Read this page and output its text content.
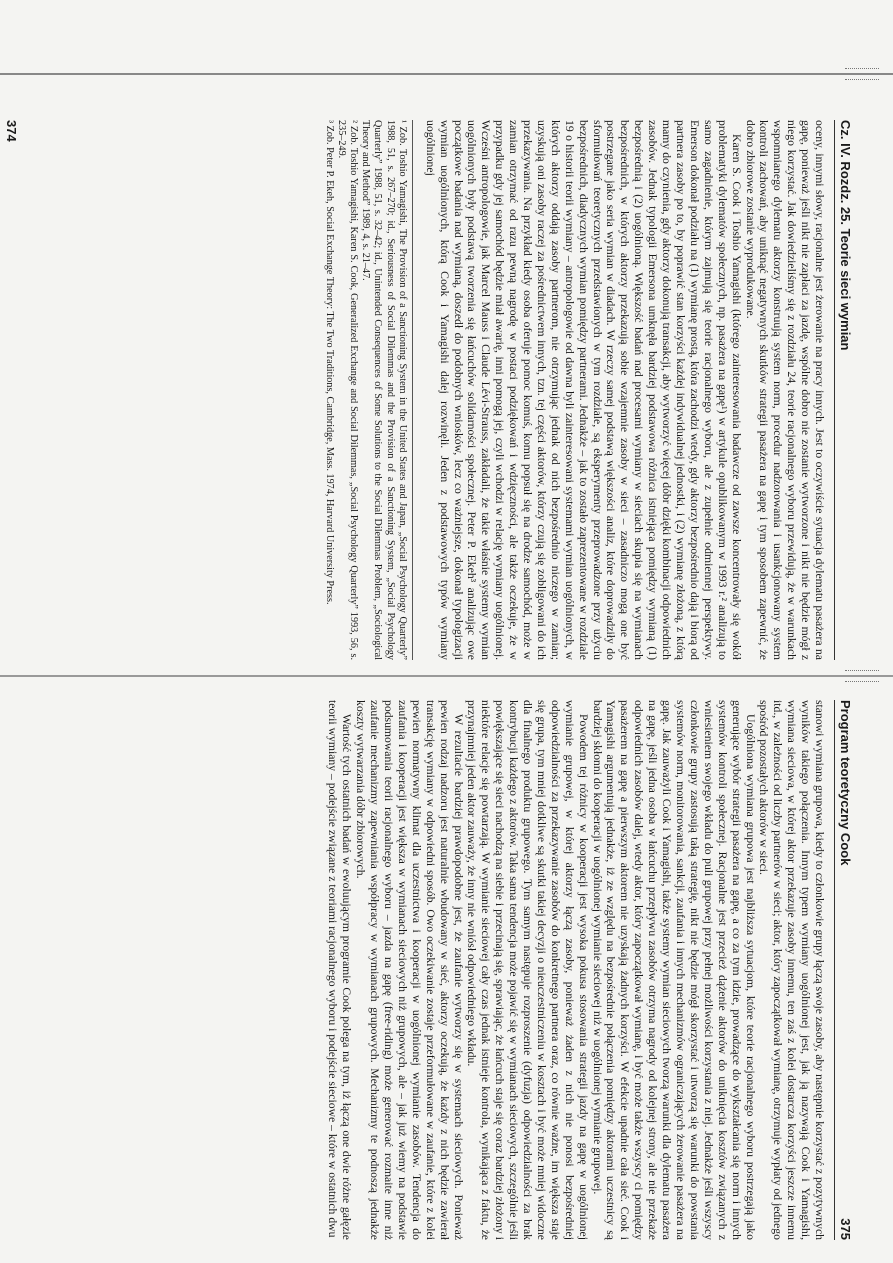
Cz. IV. Rozdz. 25. Teorie sieci wymian

oceny, innymi słowy, racjonalne jest żerowanie na pracy innych. Jest to oczywiście sytuacja dylematu pasażera na gapę, ponieważ jeśli nikt nie zapłaci za jazdę, wspólne dobro nie zostanie wytworzone i nikt nie będzie mógł z niego korzystać. Jak dowiedzieliśmy się z rozdziału 24, teorie racjonalnego wyboru przewidują, że w warunkach wspomnianego dylematu aktorzy konstruują system norm, procedur nadzorowania i usankcjonowany system kontroli zachowań, aby uniknąć negatywnych skutków strategii pasażera na gapę i tym sposobem zapewnić, że dobro zbiorowe zostanie wyprodukowane.

Karen S. Cook i Toshio Yamagishi (którego zainteresowania badawcze od zawsze koncentrowały się wokół problematyki dylematów społecznych, np. pasażera na gapę¹) w artykule opublikowanym w 1993 r.² analizują to samo zagadnienie, którym zajmują się teorie racjonalnego wyboru, ale z zupełnie odmiennej perspektywy. Emerson dokonał podziału na (1) wymianę prostą, która zachodzi wtedy, gdy aktorzy bezpośrednio dają i biorą od partnera zasoby po to, by poprawić stan korzyści każdej indywidualnej jednostki, i (2) wymianę złożoną, z którą mamy do czynienia, gdy aktorzy dokonują transakcji, aby wytworzyć więcej dóbr dzięki kombinacji odpowiednich zasobów. Jednak typologii Emersona umknęła bardziej podstawowa różnica istniejąca pomiędzy wymianą (1) bezpośrednią i (2) uogólnioną. Większość badań nad procesami wymiany w sieciach skupia się na wymianach bezpośrednich, w których aktorzy przekazują sobie wzajemnie zasoby w sieci – zasadniczo mogą one być postrzegane jako seria wymian w diadach. W rzeczy samej podstawą większości analiz, które doprowadziły do sformułowań teoretycznych przedstawionych w tym rozdziale, są eksperymenty przeprowadzone przy użyciu bezpośrednich, diadycznych wymian pomiędzy partnerami. Jednakże – jak to zostało zaprezentowane w rozdziale 19 o historii teorii wymiany – antropologowie od dawna byli zainteresowani systemami wymian uogólnionych, w których aktorzy oddają zasoby partnerom, nie otrzymując jednak od nich bezpośrednio niczego w zamian; uzyskują oni zasoby raczej za pośrednictwem innych, tzn. tej części aktorów, którzy czują się zobligowani do ich przekazywania. Na przykład kiedy osoba oferuje pomoc komuś, komu popsuł się na drodze samochód, może w zamian otrzymać od razu pewną nagrodę w postaci podziękowań i wdzięczności, ale także oczekuje, że w przypadku gdy jej samochód będzie miał awarię, inni pomogą jej, czyli wchodzi w relację wymiany uogólnionej. Wcześni antropologowie, jak Marcel Mauss i Claude Lévi-Strauss, zakładali, że takie właśnie systemy wymian uogólnionych były podstawą tworzenia się łańcuchów solidarności społecznej. Peter P. Ekeh³ analizując owe początkowe badania nad wymianą, doszedł do podobnych wniosków, lecz co ważniejsze, dokonał typologizacji wymian uogólnionych, którą Cook i Yamagishi dalej rozwinęli. Jeden z podstawowych typów wymiany uogólnionej

¹ Zob. Toshio Yamagishi, The Provision of a Sanctioning System in the United States and Japan, „Social Psychology Quarterly” 1988, 51, s. 267–270; id., Seriousness of Social Dilemmas and the Provision of a Sanctioning System, „Social Psychology Quarterly” 1988, 51, s. 32–42; id., Unintended Consequences of Some Solutions to the Social Dilemmas Problem, „Sociological Theory and Method” 1989, 4, s. 21–47.

² Zob. Toshio Yamagishi, Karen S. Cook, Generalized Exchange and Social Dilemmas, „Social Psychology Quarterly” 1993, 56, s. 235–249.

³ Zob. Peter P. Ekeh, Social Exchange Theory: The Two Traditions, Cambridge, Mass. 1974, Harvard University Press.

374
Program teoretyczny Cook
375

stanowi wymiana grupowa, kiedy to członkowie grupy łączą swoje zasoby, aby następnie korzystać z pozytywnych wyników takiego połączenia. Innym typem wymiany uogólnionej jest, jak ją nazywają Cook i Yamagishi, wymiana sieciowa, w której aktor przekazuje zasoby innemu, ten zaś z kolei dostarcza korzyści jeszcze innemu itd., w zależności od liczby partnerów w sieci; aktor, który zapoczątkował wymianę, otrzymuje wypłaty od jednego spośród pozostałych aktorów w sieci.

Uogólniona wymiana grupowa jest najbliższa sytuacjom, które teorie racjonalnego wyboru postrzegają jako generujące wybór strategii pasażera na gapę, a co za tym idzie, prowadzące do wykształcania się norm i innych systemów kontroli społecznej. Racjonalne jest przecież dążenie aktorów do uniknięcia kosztów związanych z wniesieniem swojego wkładu do puli grupowej przy pełnej możliwości korzystania z niej. Jednakże jeśli wszyscy członkowie grupy zastosują taką strategię, nikt nie będzie mógł skorzystać i utworzą się warunki do powstania systemów norm, monitorowania, sankcji, zaufania i innych mechanizmów ograniczających żerowanie pasażera na gapę. Jak zauważyli Cook i Yamagishi, także systemy wymian sieciowych tworzą warunki dla dylematu pasażera na gapę, jeśli jedna osoba w łańcuchu przepływu zasobów otrzyma nagrody od kolejnej strony, ale nie przekaże odpowiednich zasobów dalej, wtedy aktor, który zapoczątkował wymianę, i być może także wszyscy ci pomiędzy pasażerem na gapę a pierwszym aktorem nie uzyskają żadnych korzyści. W efekcie upadnie cała sieć. Cook i Yamagishi argumentują jednakże, iż ze względu na bezpośrednie połączenia pomiędzy aktorami uczestnicy są bardziej skłonni do kooperacji w uogólnionej wymianie sieciowej niż w uogólnionej wymianie grupowej.

Powodem tej różnicy w kooperacji jest wysoka pokusa stosowania strategii jazdy na gapę w uogólnionej wymianie grupowej, w której aktorzy łączą zasoby, ponieważ żaden z nich nie ponosi bezpośredniej odpowiedzialności za przekazywanie zasobów do konkretnego partnera oraz, co równie ważne, im większa staje się grupa, tym mniej dotkliwe są skutki takiej decyzji o nieuczestniczeniu w kosztach i być może mniej widoczne dla finalnego produktu grupowego. Tym samym następuje rozproszenie (dyfuzja) odpowiedzialności za brak kontrybucji każdego z aktorów. Taka sama tendencja może pojawić się w wymianach sieciowych, szczególnie jeśli powiększające się sieci nachodzą na siebie i przecinają się, sprawiając, że łańcuch staje się coraz bardziej złożony i niektóre relacje się powtarzają. W wymianie sieciowej cały czas jednak istnieje kontrola, wynikająca z faktu, że przynajmniej jeden aktor zauważy, że inny nie wniósł odpowiedniego wkładu.

W rezultacie bardziej prawdopodobne jest, że zaufanie wytworzy się w systemach sieciowych. Ponieważ pewien rodzaj nadzoru jest naturalnie wbudowany w sieć, aktorzy oczekują, że każdy z nich będzie zawierał transakcję wymiany w odpowiedni sposób. Owo oczekiwanie zostaje przeformułowane w zaufanie, które z kolei pewien normatywny klimat dla uczestnictwa i kooperacji w uogólnionej wymianie zasobów. Tendencja do zaufania i kooperacji jest większa w wymianach sieciowych niż grupowych, ale – jak już wiemy na podstawie podsumowania teorii racjonalnego wyboru – jazda na gapę (free-riding) może generować rozmaite inne niż zaufanie mechanizmy zapewniania współpracy w wymianach grupowych. Mechanizmy te podnoszą jednakże koszty wytwarzania dóbr zbiorowych.

Wartość tych ostatnich badań w ewoluującym programie Cook polega na tym, iż łączą one dwie różne gałęzie teorii wymiany – podejście związane z teoriami racjonalnego wyboru i podejście sieciowe – które w ostatnich dwu
